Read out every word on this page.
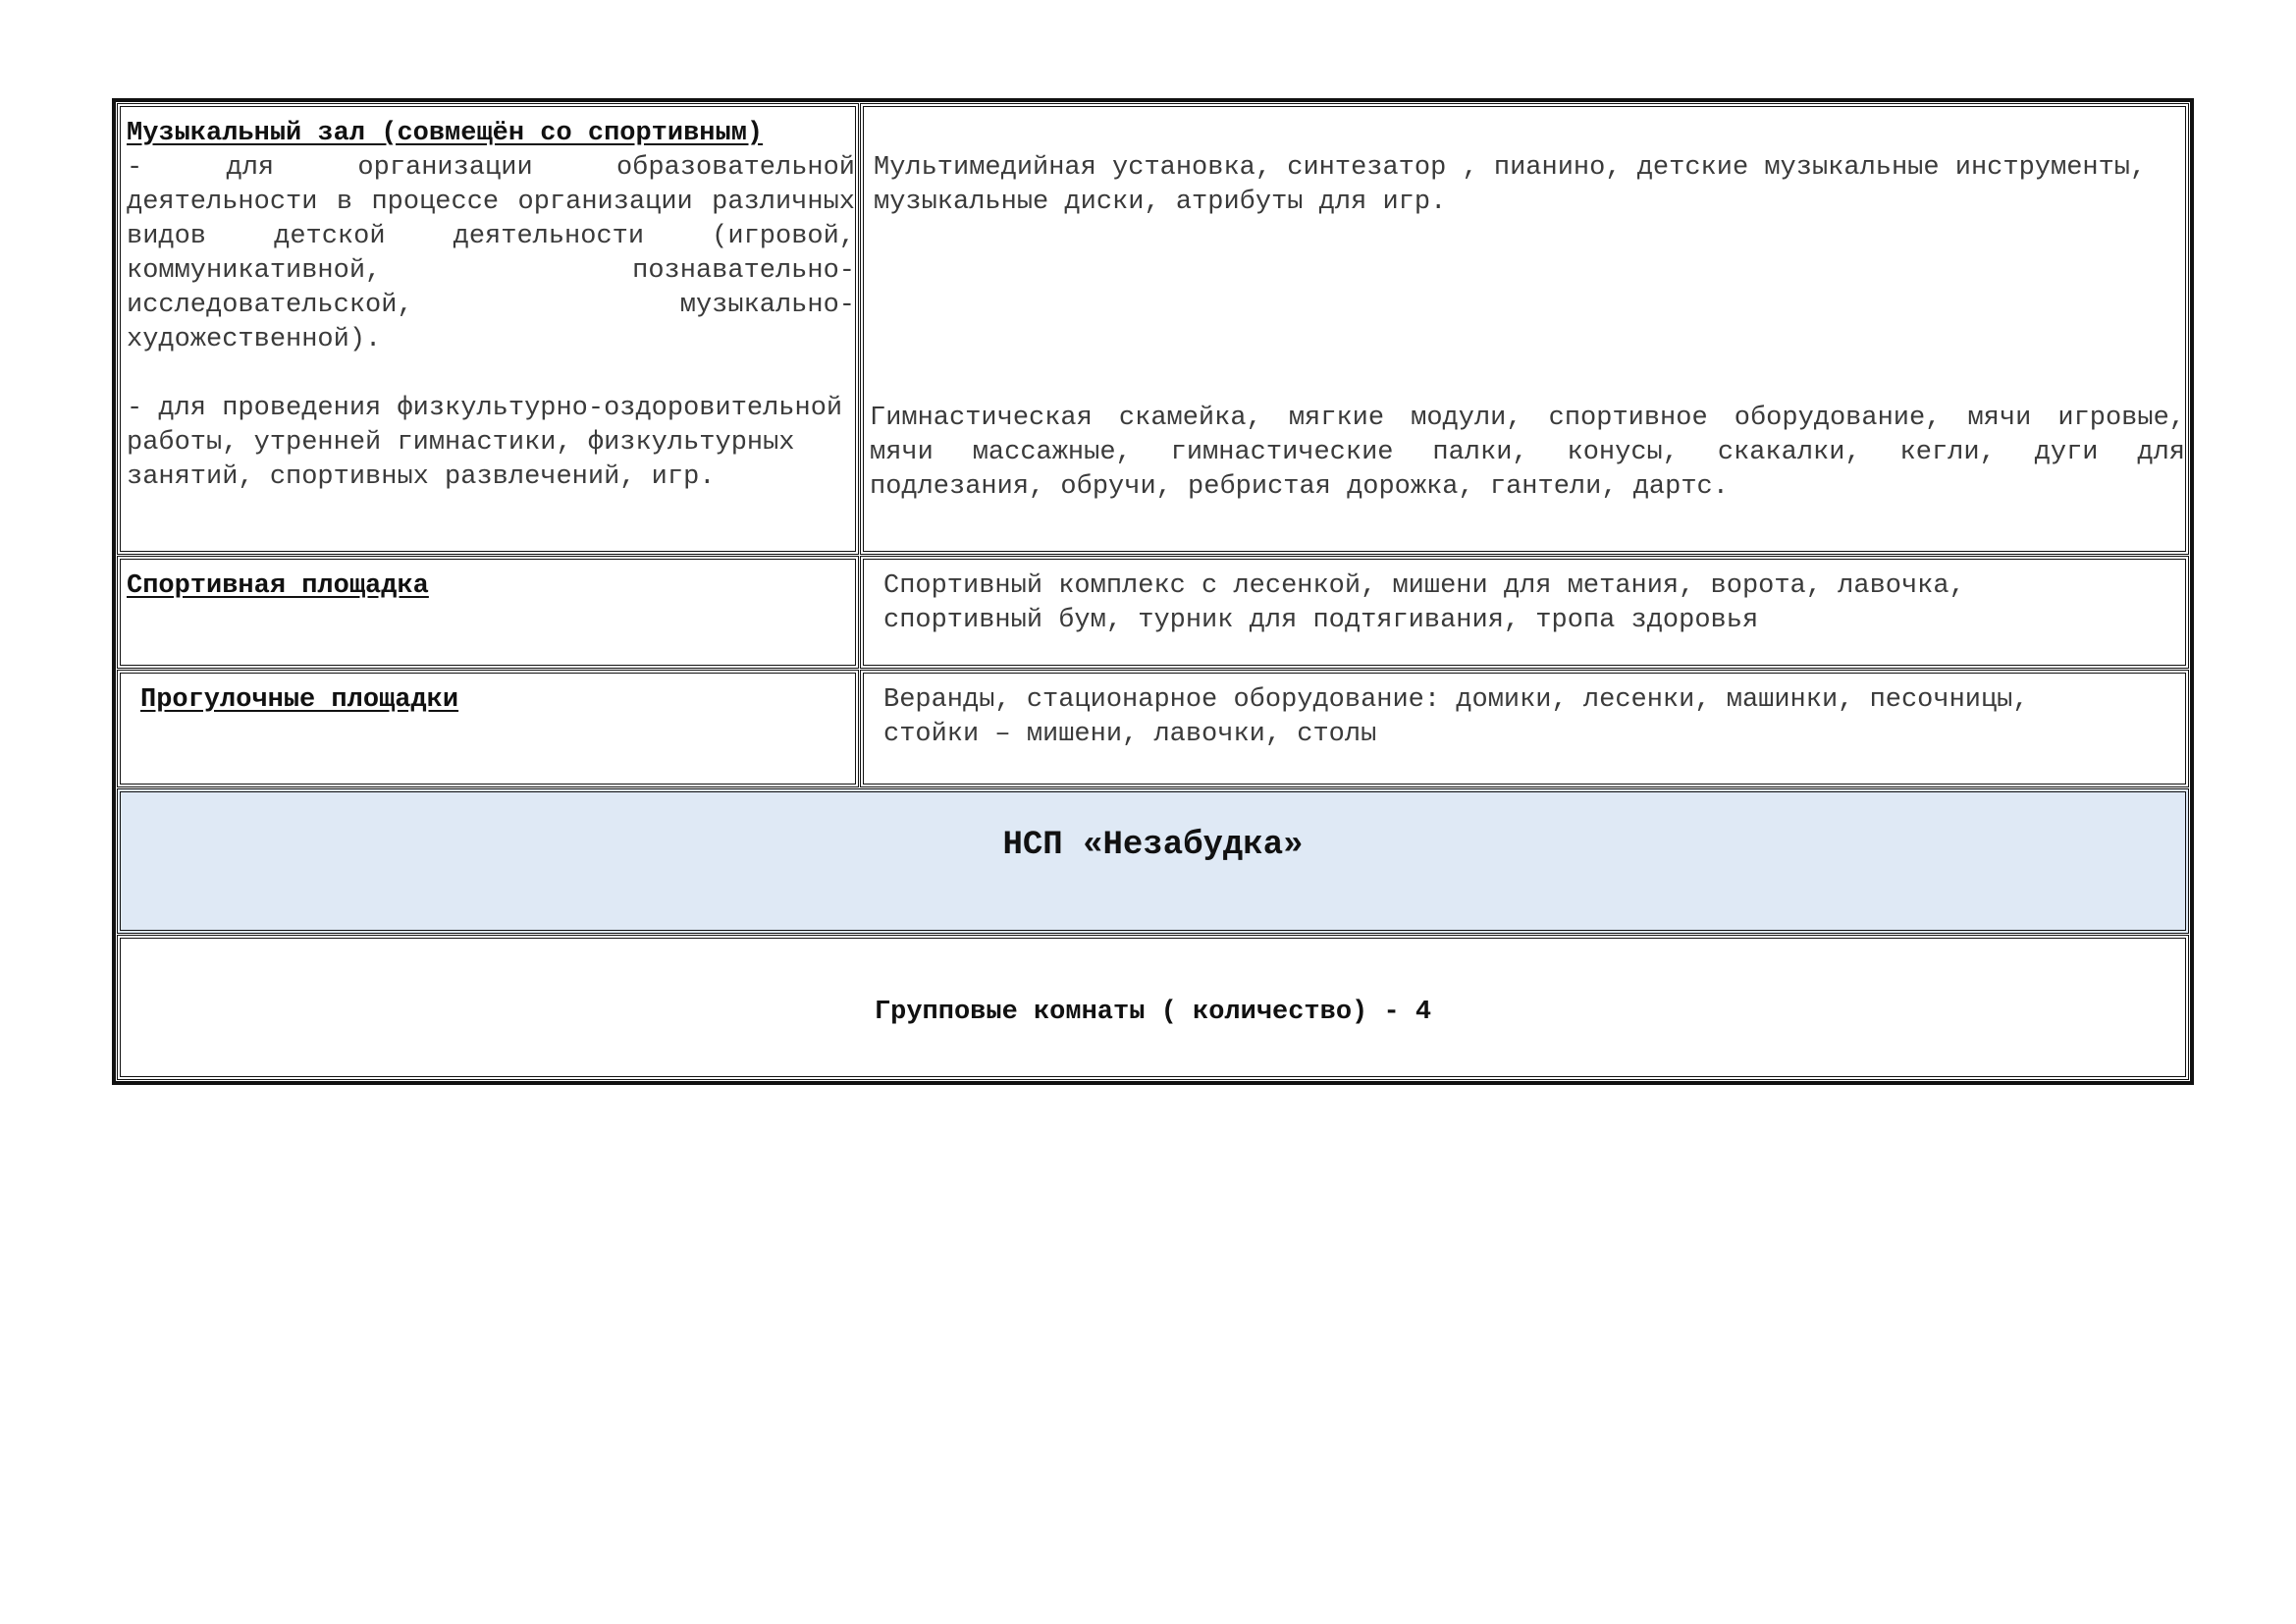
Музыкальный зал (совмещён со спортивным)

- для организации образовательной деятельности в процессе организации различных видов детской деятельности (игровой, коммуникативной, познавательно-исследовательской, музыкально-художественной).

- для проведения физкультурно-оздоровительной работы, утренней гимнастики, физкультурных занятий, спортивных развлечений, игр.

Мультимедийная установка, синтезатор , пианино, детские музыкальные инструменты, музыкальные диски, атрибуты для игр.

Гимнастическая скамейка, мягкие модули, спортивное оборудование, мячи игровые, мячи массажные, гимнастические палки, конусы, скакалки, кегли, дуги для подлезания, обручи, ребристая дорожка, гантели, дартс.

Спортивная площадка	Спортивный комплекс с лесенкой, мишени для метания, ворота, лавочка, спортивный бум, турник для подтягивания, тропа здоровья

Прогулочные площадки	Веранды, стационарное оборудование: домики, лесенки, машинки, песочницы, стойки – мишени, лавочки, столы

НСП «Незабудка»
Групповые комнаты ( количество) - 4
